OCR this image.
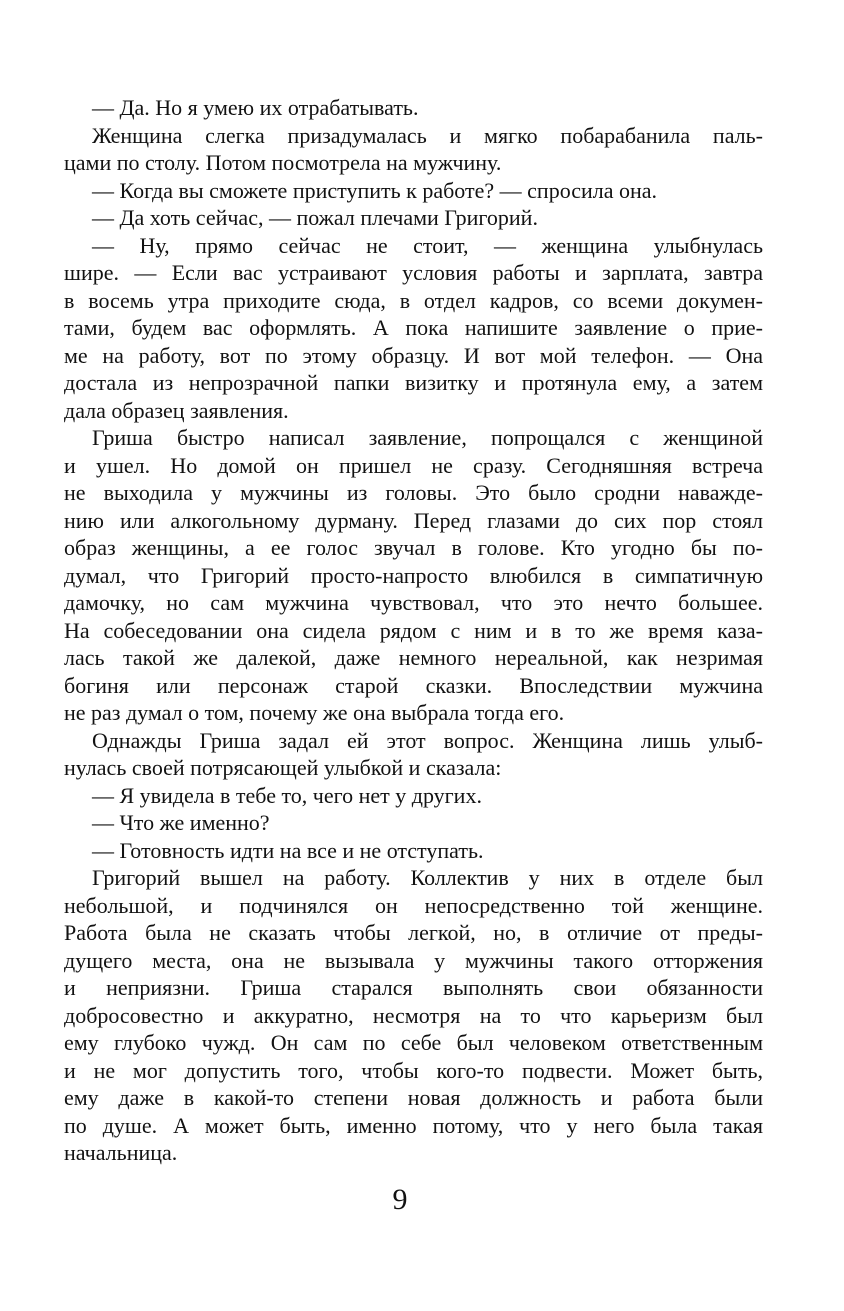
— Да. Но я умею их отрабатывать.
Женщина слегка призадумалась и мягко побарабанила паль-
цами по столу. Потом посмотрела на мужчину.
— Когда вы сможете приступить к работе? — спросила она.
— Да хоть сейчас, — пожал плечами Григорий.
— Ну, прямо сейчас не стоит, — женщина улыбнулась
шире. — Если вас устраивают условия работы и зарплата, завтра
в восемь утра приходите сюда, в отдел кадров, со всеми докумен-
тами, будем вас оформлять. А пока напишите заявление о прие-
ме на работу, вот по этому образцу. И вот мой телефон. — Она
достала из непрозрачной папки визитку и протянула ему, а затем
дала образец заявления.
Гриша быстро написал заявление, попрощался с женщиной
и ушел. Но домой он пришел не сразу. Сегодняшняя встреча
не выходила у мужчины из головы. Это было сродни наважде-
нию или алкогольному дурману. Перед глазами до сих пор стоял
образ женщины, а ее голос звучал в голове. Кто угодно бы по-
думал, что Григорий просто-напросто влюбился в симпатичную
дамочку, но сам мужчина чувствовал, что это нечто большее.
На собеседовании она сидела рядом с ним и в то же время каза-
лась такой же далекой, даже немного нереальной, как незримая
богиня или персонаж старой сказки. Впоследствии мужчина
не раз думал о том, почему же она выбрала тогда его.
Однажды Гриша задал ей этот вопрос. Женщина лишь улыб-
нулась своей потрясающей улыбкой и сказала:
— Я увидела в тебе то, чего нет у других.
— Что же именно?
— Готовность идти на все и не отступать.
Григорий вышел на работу. Коллектив у них в отделе был
небольшой, и подчинялся он непосредственно той женщине.
Работа была не сказать чтобы легкой, но, в отличие от преды-
дущего места, она не вызывала у мужчины такого отторжения
и неприязни. Гриша старался выполнять свои обязанности
добросовестно и аккуратно, несмотря на то что карьеризм был
ему глубоко чужд. Он сам по себе был человеком ответственным
и не мог допустить того, чтобы кого-то подвести. Может быть,
ему даже в какой-то степени новая должность и работа были
по душе. А может быть, именно потому, что у него была такая
начальница.
9
